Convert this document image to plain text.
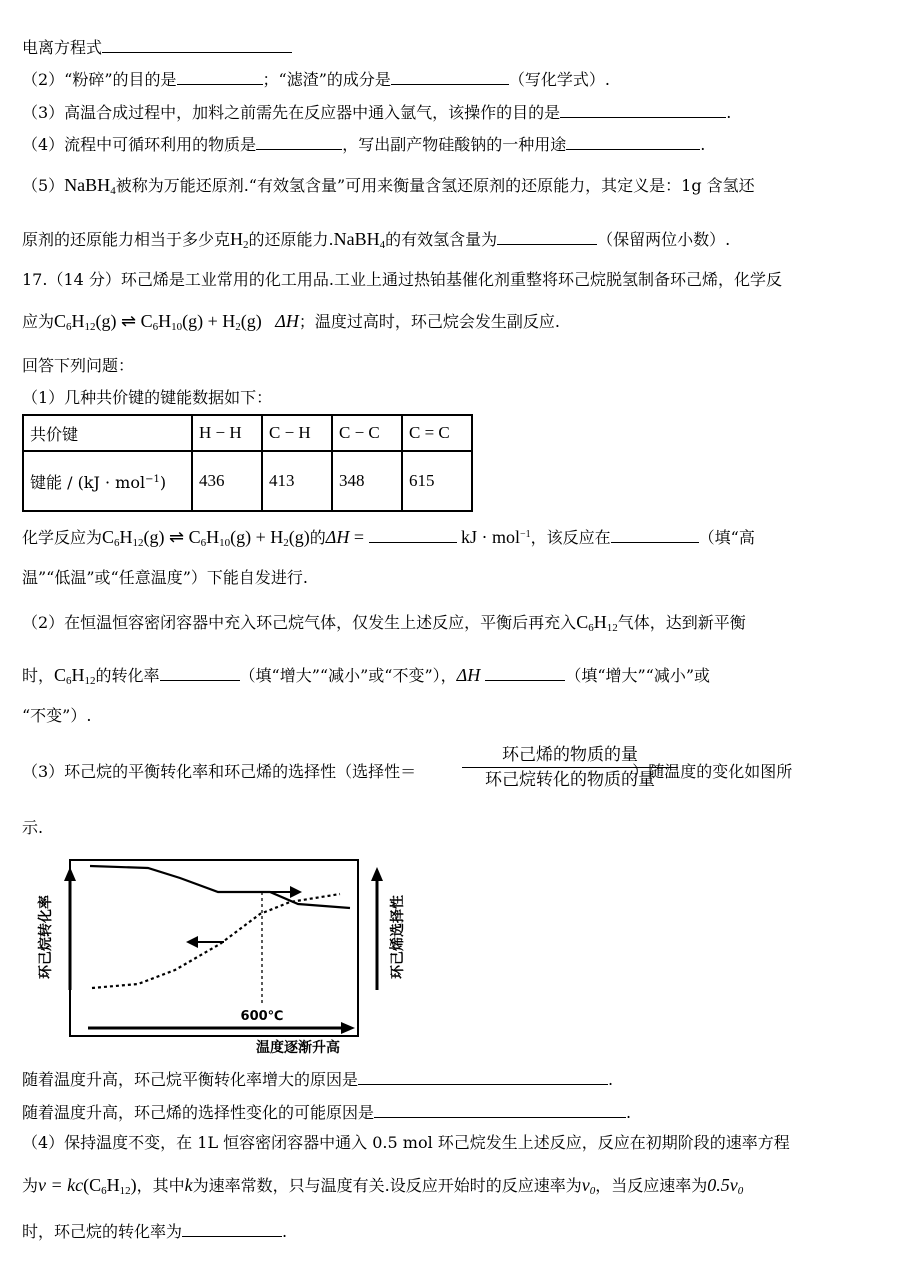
电离方程式
（2）“粉碎”的目的是	；“滤渣”的成分是	（写化学式）.
（3）高温合成过程中，加料之前需先在反应器中通入氩气，该操作的目的是	.
（4）流程中可循环利用的物质是	，写出副产物硅酸钠的一种用途	.
（5）NaBH$_4$被称为万能还原剂.“有效氢含量”可用来衡量含氢还原剂的还原能力，其定义是：1g 含氢还
原剂的还原能力相当于多少克$H_2$的还原能力.NaBH$_4$的有效氢含量为	（保留两位小数）.
17.（14 分）环己烯是工业常用的化工用品.工业上通过热铂基催化剂重整将环己烷脱氢制备环己烯，化学反
应为$C_6H_{12}(g)$ ⇌ $C_6H_{10}(g) + H_2(g)$   ΔH；温度过高时，环己烷会发生副反应.
回答下列问题：
（1）几种共价键的键能数据如下：
共价键	H − H	C − H	C − C	C = C
键能 / (kJ · mol$^{-1}$)	436	413	348	615
化学反应为$C_6H_{12}(g)$ ⇌ $C_6H_{10}(g) + H_2(g)$的ΔH =	kJ · mol$^{-1}$，该反应在	（填“高
温”“低温”或“任意温度”）下能自发进行.
（2）在恒温恒容密闭容器中充入环己烷气体，仅发生上述反应，平衡后再充入$C_6H_{12}$气体，达到新平衡
时，$C_6H_{12}$的转化率	（填“增大”“减小”或“不变”），ΔH	（填“增大”“减小”或
“不变”）.
（3）环己烷的平衡转化率和环己烯的选择性（选择性＝	）随温度的变化如图所
环己烯的物质的量
环己烷转化的物质的量
示.
600℃
温度逐渐升高
环己烷转化率	环己烯选择性
随着温度升高，环己烷平衡转化率增大的原因是	.
随着温度升高，环己烯的选择性变化的可能原因是	.
（4）保持温度不变，在 1L 恒容密闭容器中通入 0.5 mol 环己烷发生上述反应，反应在初期阶段的速率方程
为$v = kc(C_6H_{12})$，其中k为速率常数，只与温度有关.设反应开始时的反应速率为$v_0$，当反应速率为$0.5v_0$
时，环己烷的转化率为	.
